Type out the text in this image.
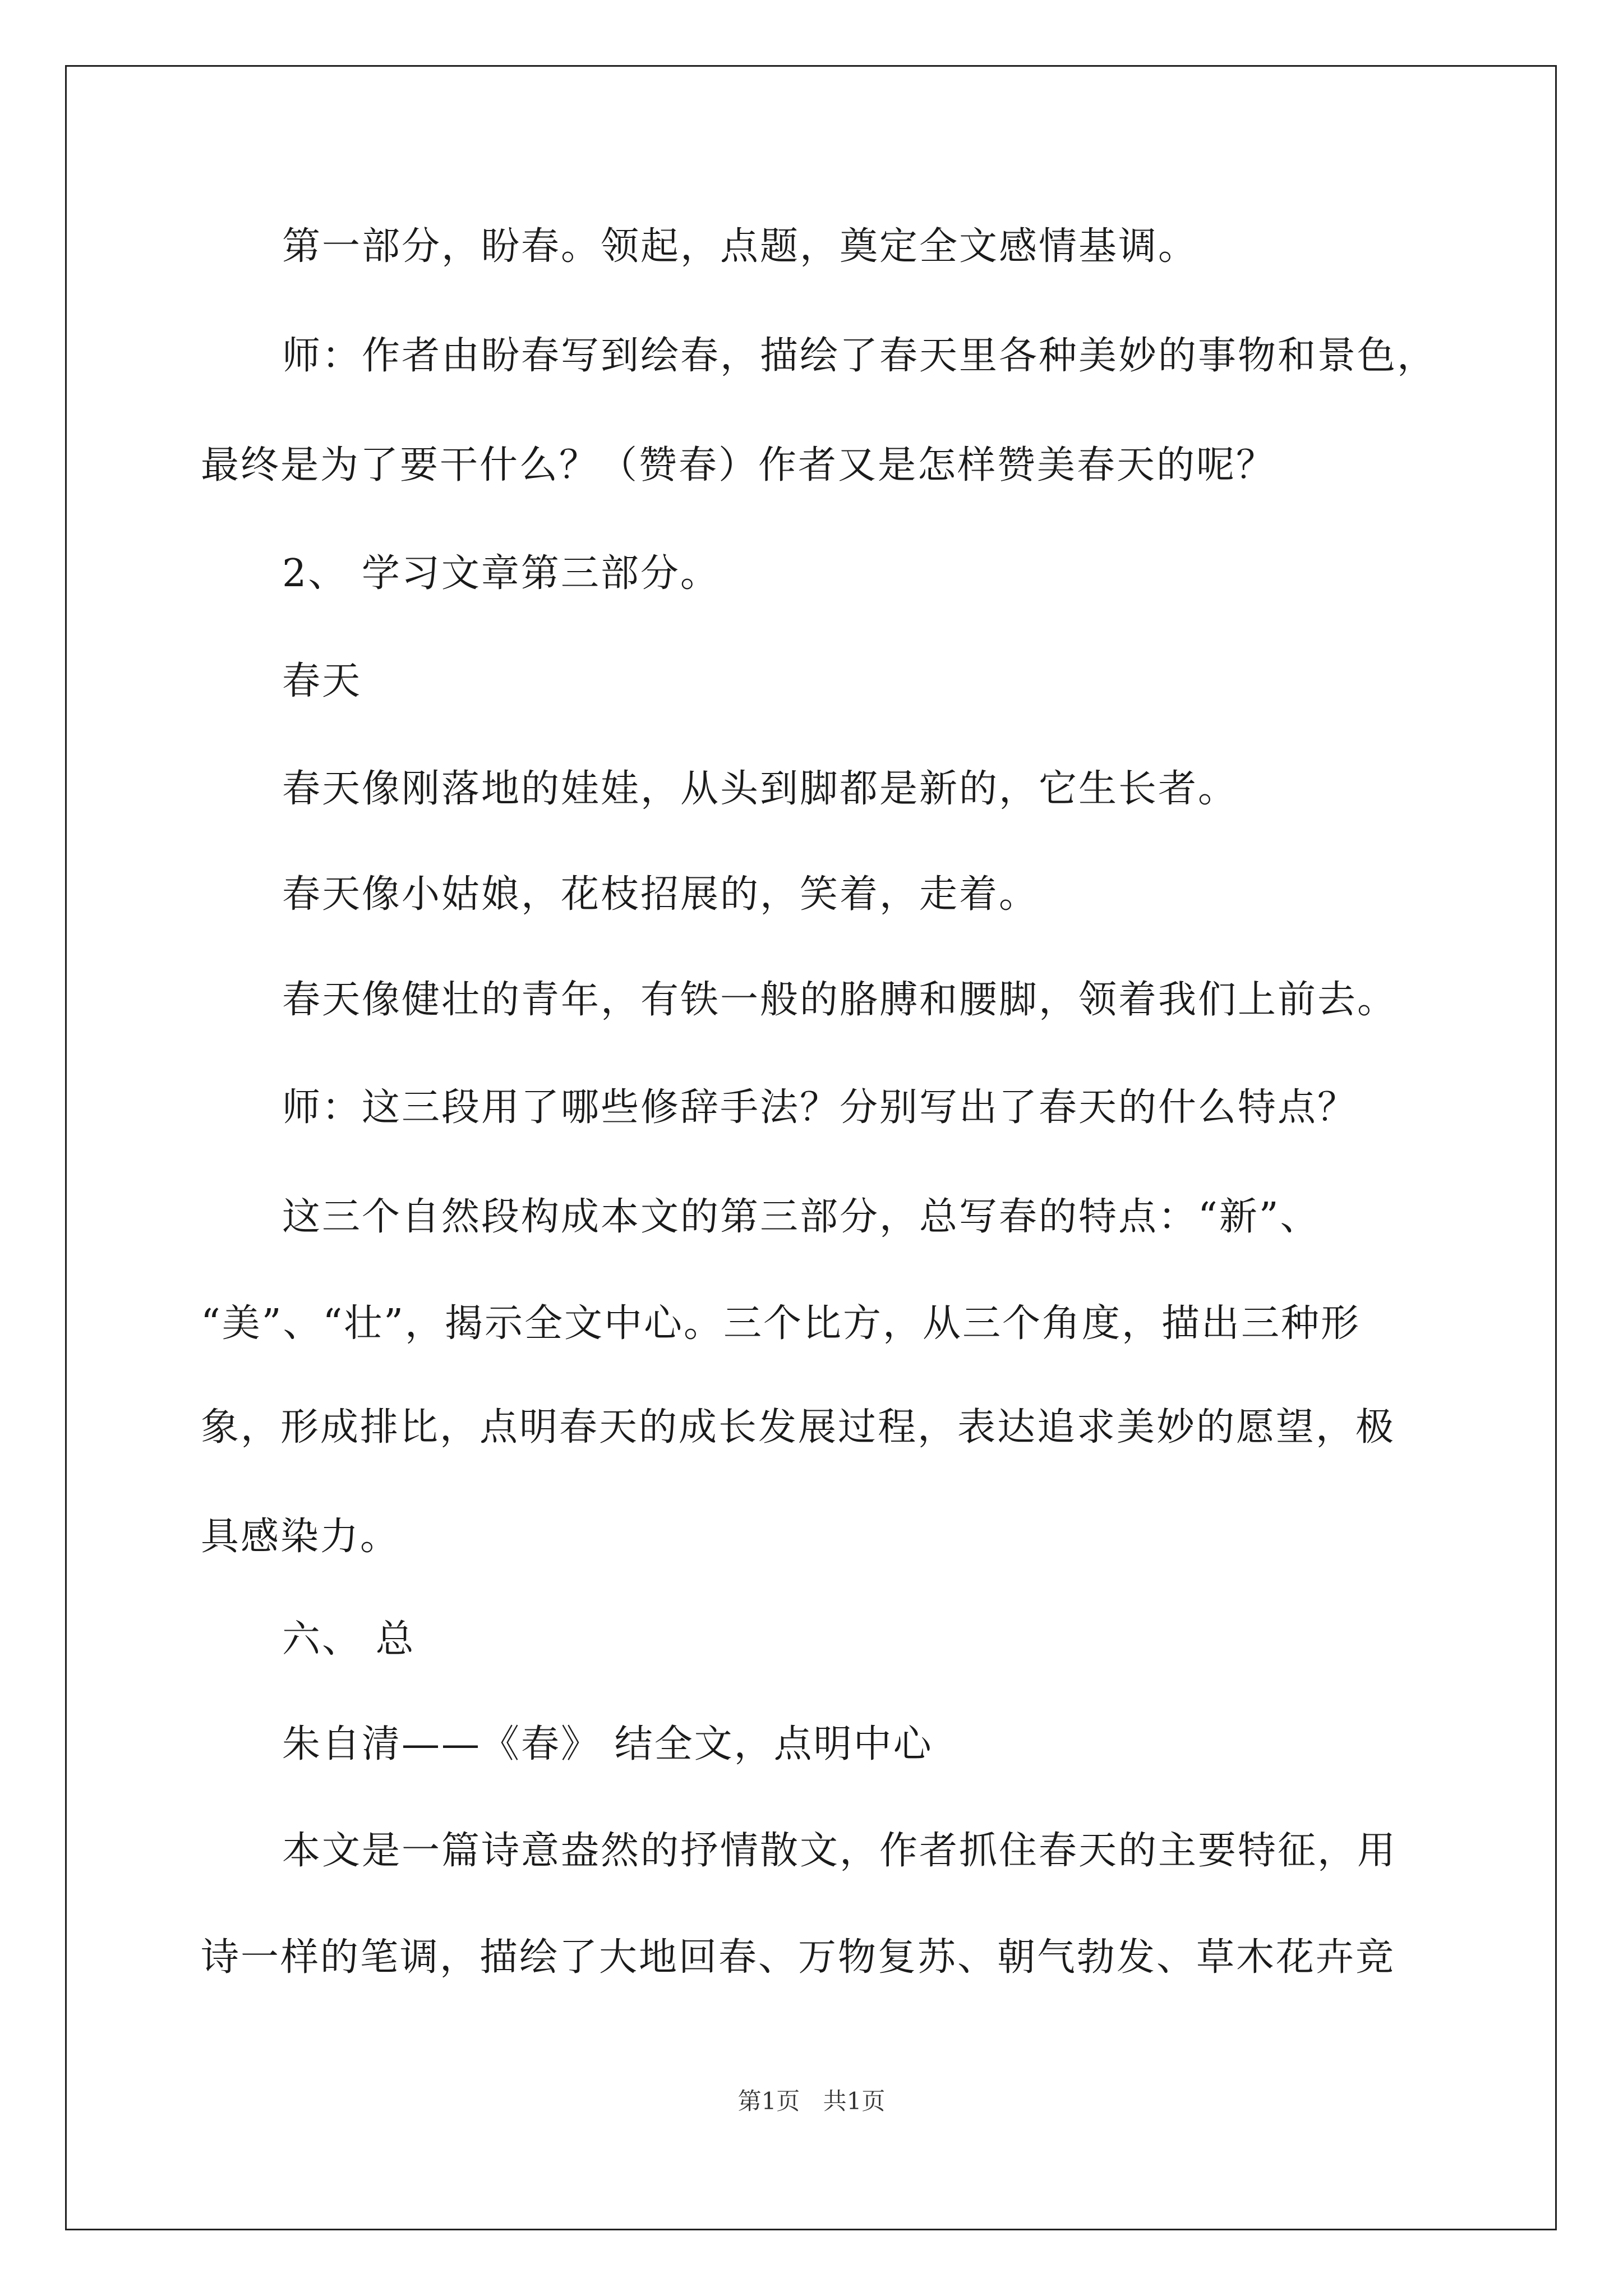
第一部分，盼春。领起，点题，奠定全文感情基调。
师：作者由盼春写到绘春，描绘了春天里各种美妙的事物和景色，
最终是为了要干什么？（赞春）作者又是怎样赞美春天的呢？
2、 学习文章第三部分。
春天
春天像刚落地的娃娃，从头到脚都是新的，它生长者。
春天像小姑娘，花枝招展的，笑着，走着。
春天像健壮的青年，有铁一般的胳膊和腰脚，领着我们上前去。
师：这三段用了哪些修辞手法？分别写出了春天的什么特点？
这三个自然段构成本文的第三部分，总写春的特点：“新”、
“美”、“壮”，揭示全文中心。三个比方，从三个角度，描出三种形
象，形成排比，点明春天的成长发展过程，表达追求美妙的愿望，极
具感染力。
六、 总
朱自清——《春》 结全文，点明中心
本文是一篇诗意盎然的抒情散文，作者抓住春天的主要特征，用
诗一样的笔调，描绘了大地回春、万物复苏、朝气勃发、草木花卉竞
第1页 共1页
